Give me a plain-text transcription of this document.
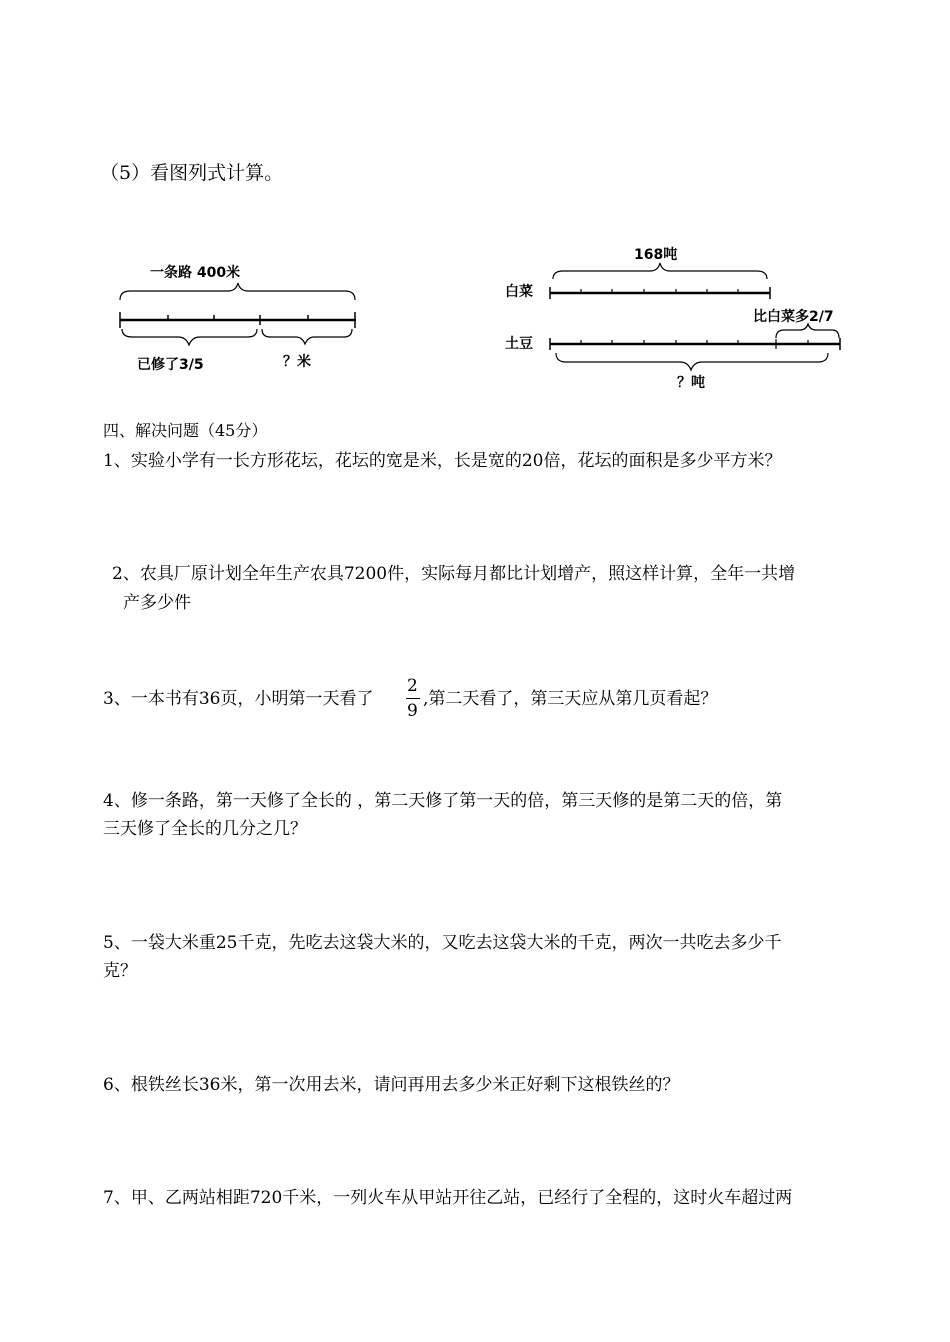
（5）看图列式计算。
一条路 400米
已修了3/5	？米
168吨
白菜
土豆
比白菜多2/7
？吨
四、解决问题（45分）
1、实验小学有一长方形花坛，花坛的宽是米，长是宽的20倍，花坛的面积是多少平方米？
2、农具厂原计划全年生产农具7200件，实际每月都比计划增产，照这样计算，全年一共增
产多少件
3、一本书有36页，小明第一天看了
2
9
,第二天看了，第三天应从第几页看起？
4、修一条路，第一天修了全长的 ，第二天修了第一天的倍，第三天修的是第二天的倍，第
三天修了全长的几分之几？
5、一袋大米重25千克，先吃去这袋大米的，又吃去这袋大米的千克，两次一共吃去多少千
克？
6、根铁丝长36米，第一次用去米，请问再用去多少米正好剩下这根铁丝的？
7、甲、乙两站相距720千米，一列火车从甲站开往乙站，已经行了全程的，这时火车超过两
